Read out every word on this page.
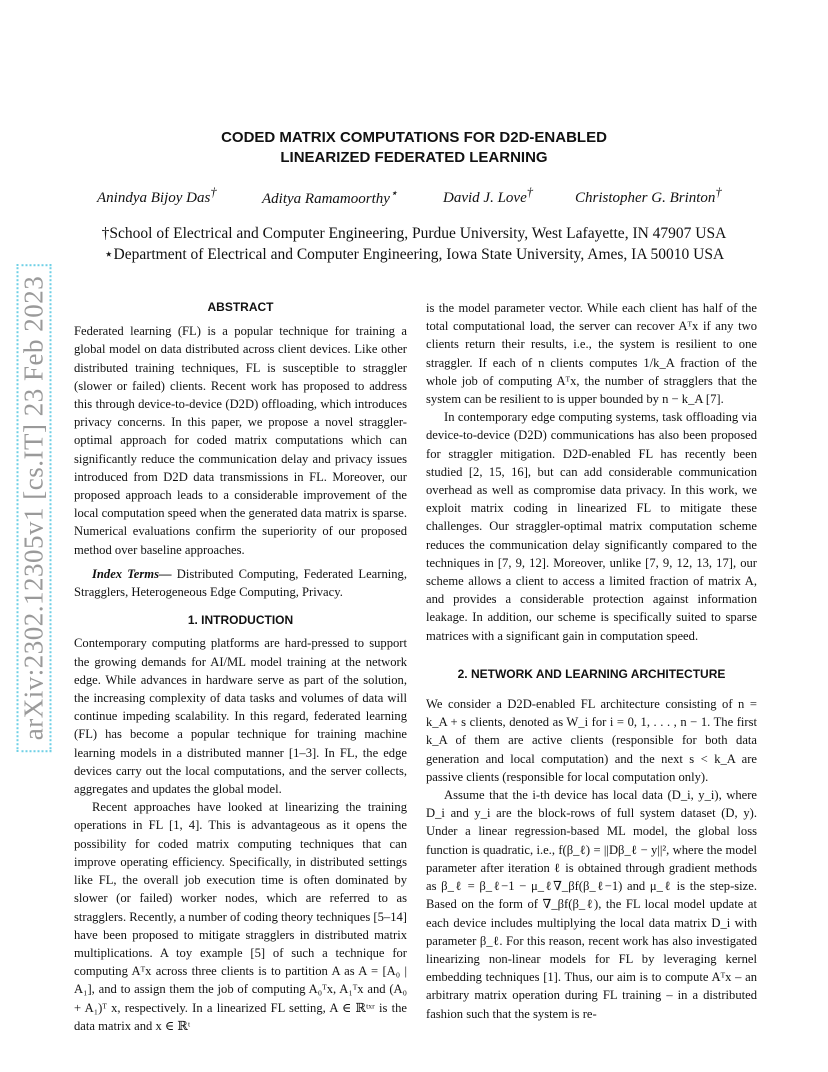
arXiv:2302.12305v1 [cs.IT] 23 Feb 2023
CODED MATRIX COMPUTATIONS FOR D2D-ENABLED
LINEARIZED FEDERATED LEARNING
Anindya Bijoy Das†	Aditya Ramamoorthy⋆	David J. Love†	Christopher G. Brinton†
†School of Electrical and Computer Engineering, Purdue University, West Lafayette, IN 47907 USA
⋆Department of Electrical and Computer Engineering, Iowa State University, Ames, IA 50010 USA

ABSTRACT

Federated learning (FL) is a popular technique for training a global model on data distributed across client devices. Like other distributed training techniques, FL is susceptible to straggler (slower or failed) clients. Recent work has proposed to address this through device-to-device (D2D) offloading, which introduces privacy concerns. In this paper, we propose a novel straggler-optimal approach for coded matrix computations which can significantly reduce the communication delay and privacy issues introduced from D2D data transmissions in FL. Moreover, our proposed approach leads to a considerable improvement of the local computation speed when the generated data matrix is sparse. Numerical evaluations confirm the superiority of our proposed method over baseline approaches.

Index Terms— Distributed Computing, Federated Learning, Stragglers, Heterogeneous Edge Computing, Privacy.

1. INTRODUCTION

Contemporary computing platforms are hard-pressed to support the growing demands for AI/ML model training at the network edge. While advances in hardware serve as part of the solution, the increasing complexity of data tasks and volumes of data will continue impeding scalability. In this regard, federated learning (FL) has become a popular technique for training machine learning models in a distributed manner [1–3]. In FL, the edge devices carry out the local computations, and the server collects, aggregates and updates the global model.

Recent approaches have looked at linearizing the training operations in FL [1, 4]. This is advantageous as it opens the possibility for coded matrix computing techniques that can improve operating efficiency. Specifically, in distributed settings like FL, the overall job execution time is often dominated by slower (or failed) worker nodes, which are referred to as stragglers. Recently, a number of coding theory techniques [5–14] have been proposed to mitigate stragglers in distributed matrix multiplications. A toy example [5] of such a technique for computing Aᵀx across three clients is to partition A as A = [A₀ | A₁], and to assign them the job of computing A₀ᵀx, A₁ᵀx and (A₀ + A₁)ᵀ x, respectively. In a linearized FL setting, A ∈ ℝᵗˣʳ is the data matrix and x ∈ ℝᵗ

is the model parameter vector. While each client has half of the total computational load, the server can recover Aᵀx if any two clients return their results, i.e., the system is resilient to one straggler. If each of n clients computes 1/k_A fraction of the whole job of computing Aᵀx, the number of stragglers that the system can be resilient to is upper bounded by n − k_A [7].

In contemporary edge computing systems, task offloading via device-to-device (D2D) communications has also been proposed for straggler mitigation. D2D-enabled FL has recently been studied [2, 15, 16], but can add considerable communication overhead as well as compromise data privacy. In this work, we exploit matrix coding in linearized FL to mitigate these challenges. Our straggler-optimal matrix computation scheme reduces the communication delay significantly compared to the techniques in [7, 9, 12]. Moreover, unlike [7, 9, 12, 13, 17], our scheme allows a client to access a limited fraction of matrix A, and provides a considerable protection against information leakage. In addition, our scheme is specifically suited to sparse matrices with a significant gain in computation speed.

2. NETWORK AND LEARNING ARCHITECTURE

We consider a D2D-enabled FL architecture consisting of n = k_A + s clients, denoted as W_i for i = 0, 1, . . . , n − 1. The first k_A of them are active clients (responsible for both data generation and local computation) and the next s < k_A are passive clients (responsible for local computation only).

Assume that the i-th device has local data (D_i, y_i), where D_i and y_i are the block-rows of full system dataset (D, y). Under a linear regression-based ML model, the global loss function is quadratic, i.e., f(β_ℓ) = ||Dβ_ℓ − y||², where the model parameter after iteration ℓ is obtained through gradient methods as β_ℓ = β_ℓ−1 − μ_ℓ∇_βf(β_ℓ−1) and μ_ℓ is the step-size. Based on the form of ∇_βf(β_ℓ), the FL local model update at each device includes multiplying the local data matrix D_i with parameter β_ℓ. For this reason, recent work has also investigated linearizing non-linear models for FL by leveraging kernel embedding techniques [1]. Thus, our aim is to compute Aᵀx – an arbitrary matrix operation during FL training – in a distributed fashion such that the system is re-
